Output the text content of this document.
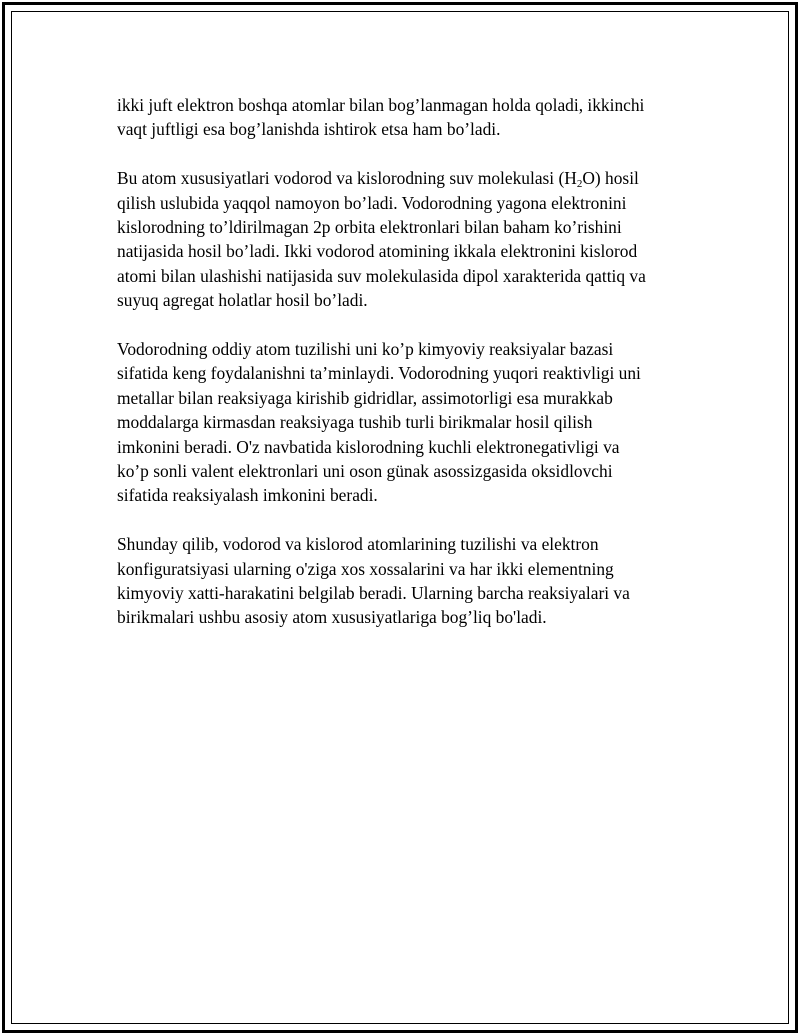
ikki juft elektron boshqa atomlar bilan bog’lanmagan holda qoladi, ikkinchi
vaqt juftligi esa bog’lanishda ishtirok etsa ham bo’ladi.

Bu atom xususiyatlari vodorod va kislorodning suv molekulasi $(H_2O)$ hosil
qilish uslubida yaqqol namoyon bo’ladi. Vodorodning yagona elektronini
kislorodning to’ldirilmagan 2p orbita elektronlari bilan baham ko’rishini
natijasida hosil bo’ladi. Ikki vodorod atomining ikkala elektronini kislorod
atomi bilan ulashishi natijasida suv molekulasida dipol xarakterida qattiq va
suyuq agregat holatlar hosil bo’ladi.

Vodorodning oddiy atom tuzilishi uni ko’p kimyoviy reaksiyalar bazasi
sifatida keng foydalanishni ta’minlaydi. Vodorodning yuqori reaktivligi uni
metallar bilan reaksiyaga kirishib gidridlar, assimotorligi esa murakkab
moddalarga kirmasdan reaksiyaga tushib turli birikmalar hosil qilish
imkonini beradi. O'z navbatida kislorodning kuchli elektronegativligi va
ko’p sonli valent elektronlari uni oson günak asossizgasida oksidlovchi
sifatida reaksiyalash imkonini beradi.

Shunday qilib, vodorod va kislorod atomlarining tuzilishi va elektron
konfiguratsiyasi ularning o'ziga xos xossalarini va har ikki elementning
kimyoviy xatti-harakatini belgilab beradi. Ularning barcha reaksiyalari va
birikmalari ushbu asosiy atom xususiyatlariga bog’liq bo'ladi.
